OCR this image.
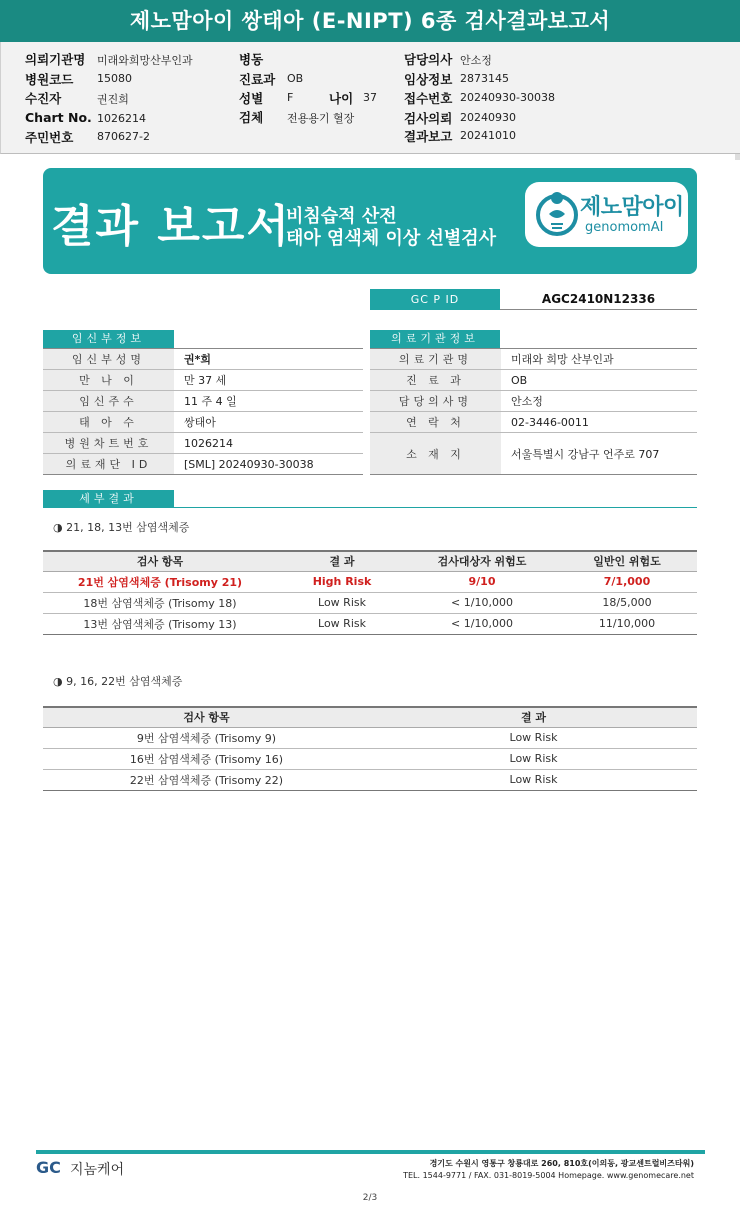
제노맘아이 쌍태아 (E-NIPT) 6종 검사결과보고서
의뢰기관명 미래와희망산부인과
병원코드 15080
수진자	권진희
Chart No. 1026214
주민번호 870627-2
병동
진료과 OB
성별 F	나이 37
검체 전용용기 혈장
담당의사 안소정
임상정보 2873145
접수번호 20240930-30038
검사의뢰 20240930
결과보고 20241010
결과 보고서
비침습적 산전
태아 염색체 이상 선별검사
제노맘아이
genomomAI
GC P ID	AGC2410N12336
임신부정보
임신부성명	권*희
만 나 이	만 37 세
임신주수	11 주 4 일
태 아 수	쌍태아
병원차트번호	1026214
의료재단 ID	[SML] 20240930-30038
의료기관정보
의료기관명	미래와 희망 산부인과
진 료 과	OB
담당의사명	안소정
연 락 처	02-3446-0011
소 재 지	서울특별시 강남구 언주로 707
세부결과
◑ 21, 18, 13번 삼염색체증
검사 항목	결 과	검사대상자 위험도	일반인 위험도
21번 삼염색체증 (Trisomy 21)	High Risk	9/10	7/1,000
18번 삼염색체증 (Trisomy 18)	Low Risk	< 1/10,000	18/5,000
13번 삼염색체증 (Trisomy 13)	Low Risk	< 1/10,000	11/10,000
◑ 9, 16, 22번 삼염색체증
검사 항목	결 과
9번 삼염색체증 (Trisomy 9)	Low Risk
16번 삼염색체증 (Trisomy 16)	Low Risk
22번 삼염색체증 (Trisomy 22)	Low Risk
GC 지놈케어	경기도 수원시 영통구 창룡대로 260, 810호(이의동, 광교센트럴비즈타워)
TEL. 1544-9771 / FAX. 031-8019-5004 Homepage. www.genomecare.net
2/3
